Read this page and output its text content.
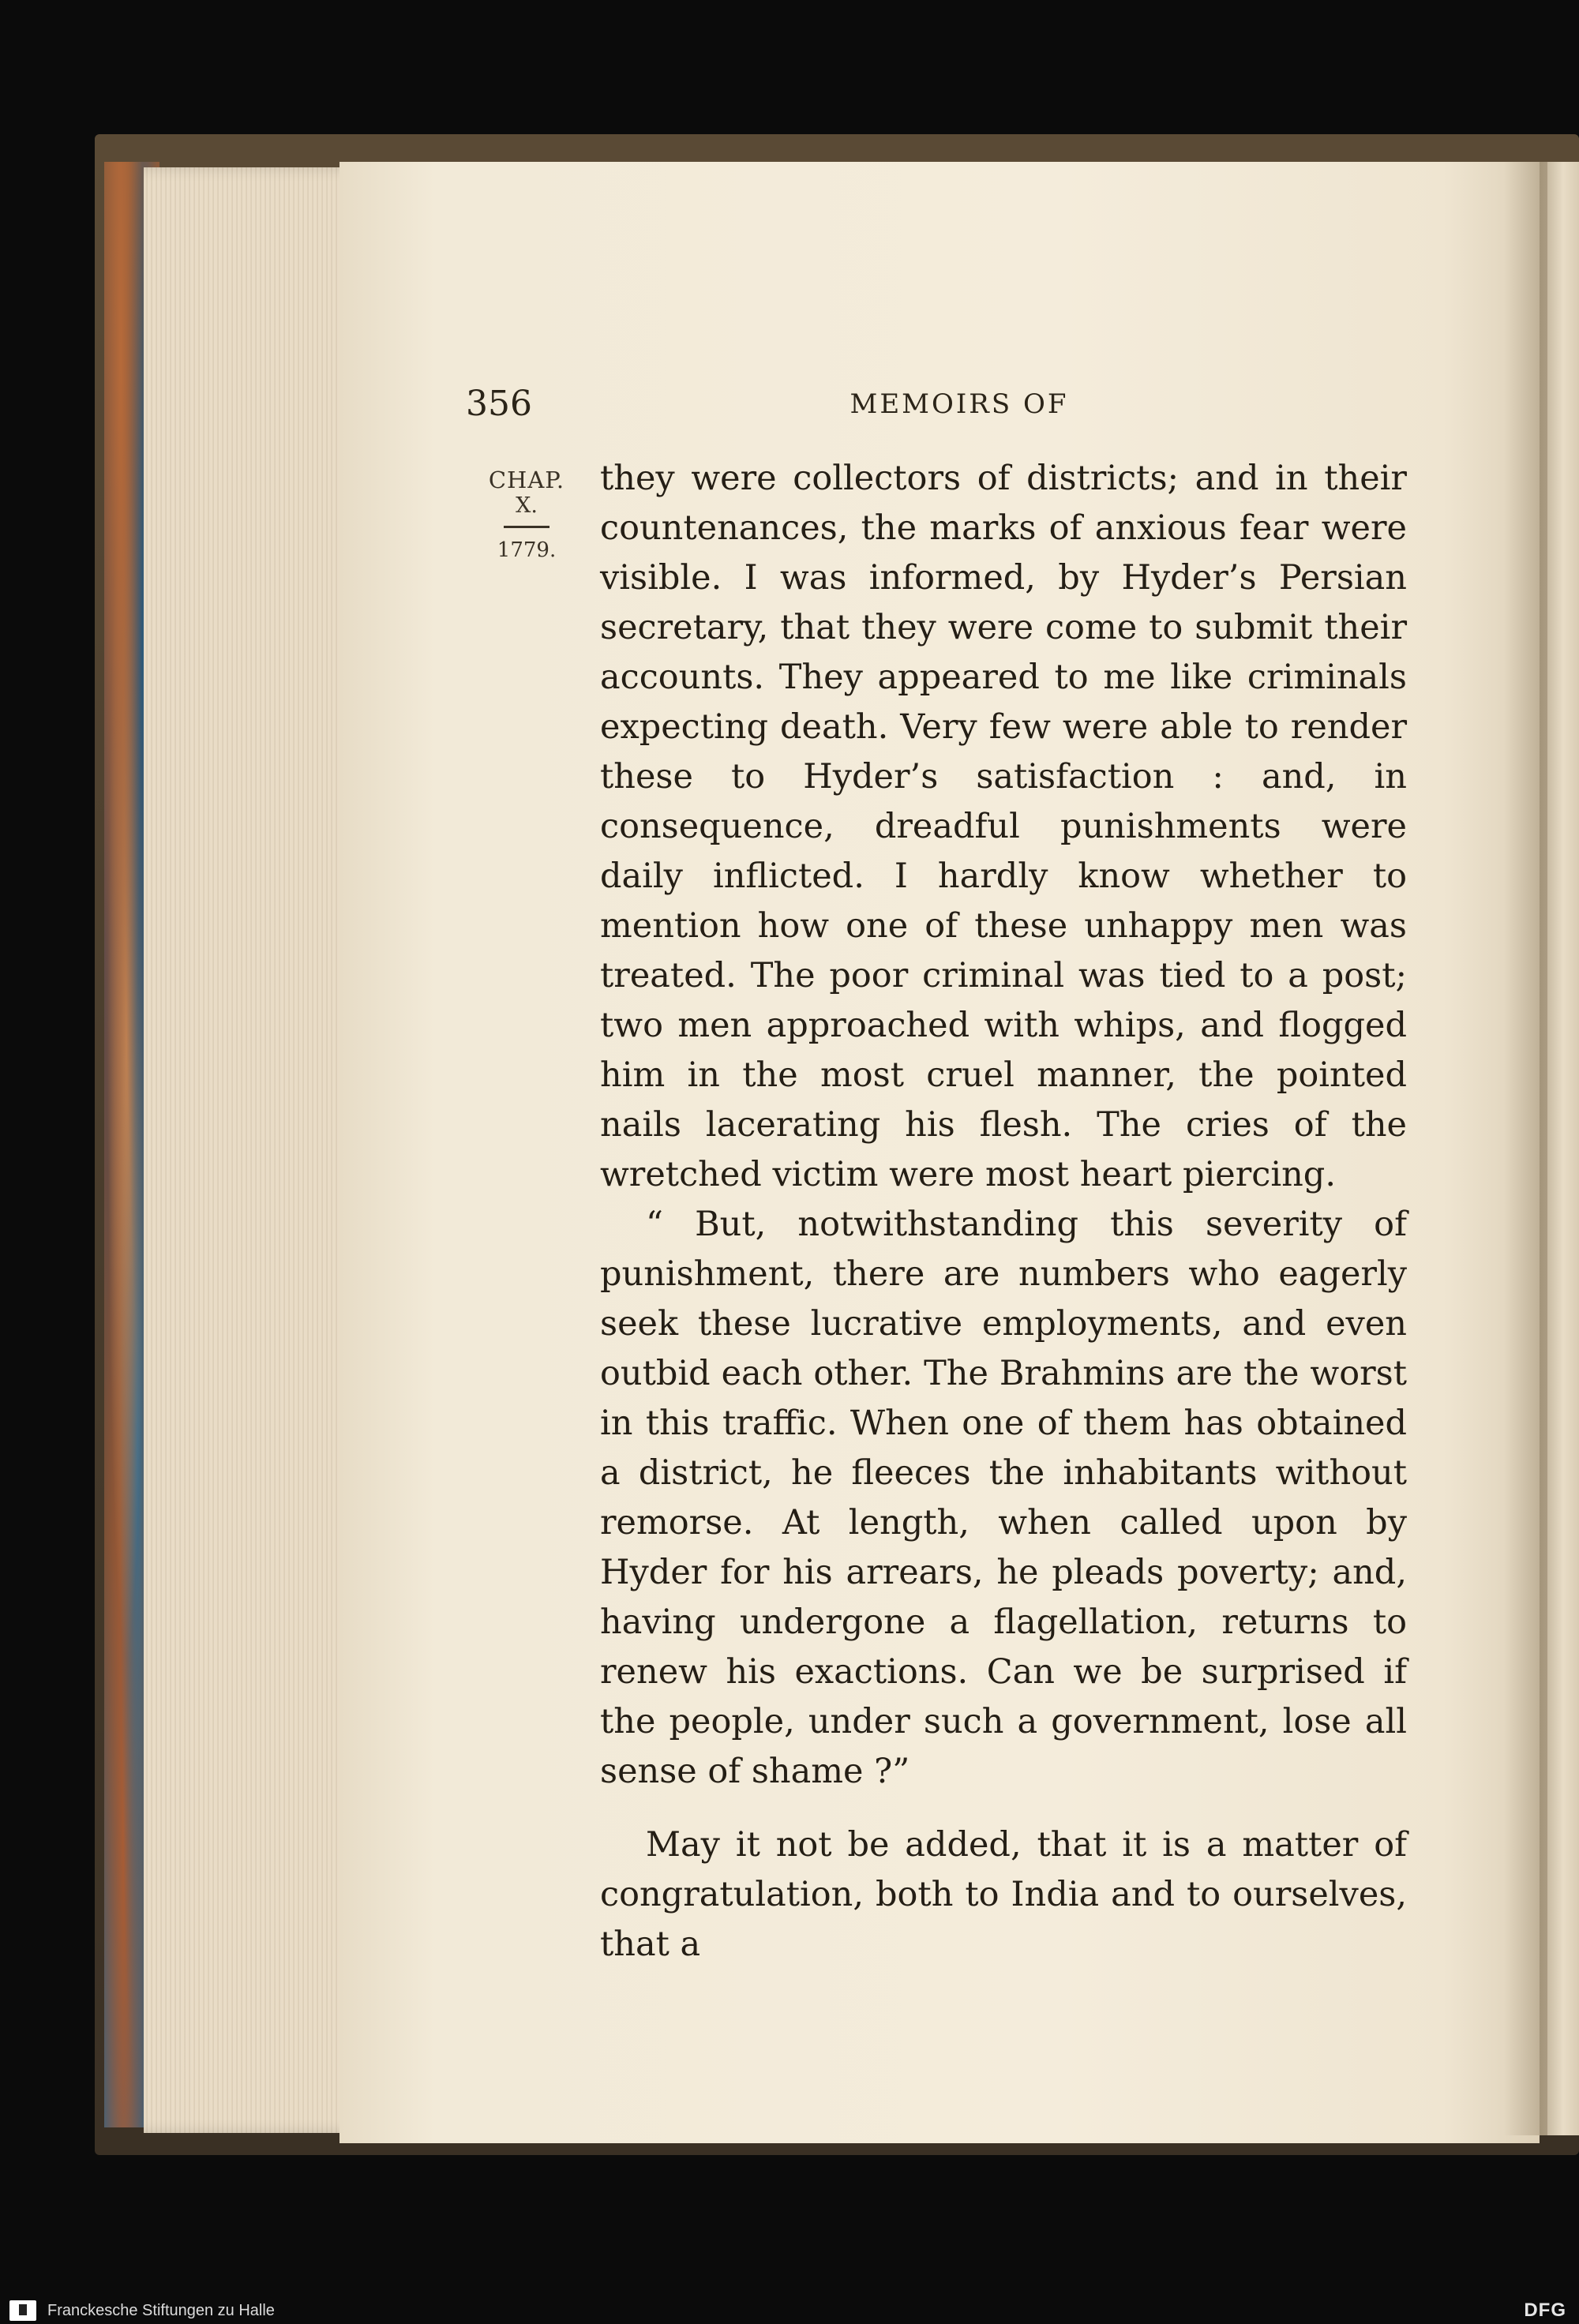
356	MEMOIRS OF
CHAP.
X.
1779.

they were collectors of districts; and in their countenances, the marks of anxious fear were visible. I was informed, by Hyder’s Persian secretary, that they were come to submit their accounts. They appeared to me like criminals expecting death. Very few were able to render these to Hyder’s satisfaction : and, in consequence, dreadful punishments were daily inflicted. I hardly know whether to mention how one of these unhappy men was treated. The poor criminal was tied to a post; two men approached with whips, and flogged him in the most cruel manner, the pointed nails lacerating his flesh. The cries of the wretched victim were most heart piercing.

“ But, notwithstanding this severity of punishment, there are numbers who eagerly seek these lucrative employments, and even outbid each other. The Brahmins are the worst in this traffic. When one of them has obtained a district, he fleeces the inhabitants without remorse. At length, when called upon by Hyder for his arrears, he pleads poverty; and, having undergone a flagellation, returns to renew his exactions. Can we be surprised if the people, under such a government, lose all sense of shame ?”

May it not be added, that it is a matter of congratulation, both to India and to ourselves, that a

Franckesche Stiftungen zu Halle	DFG
